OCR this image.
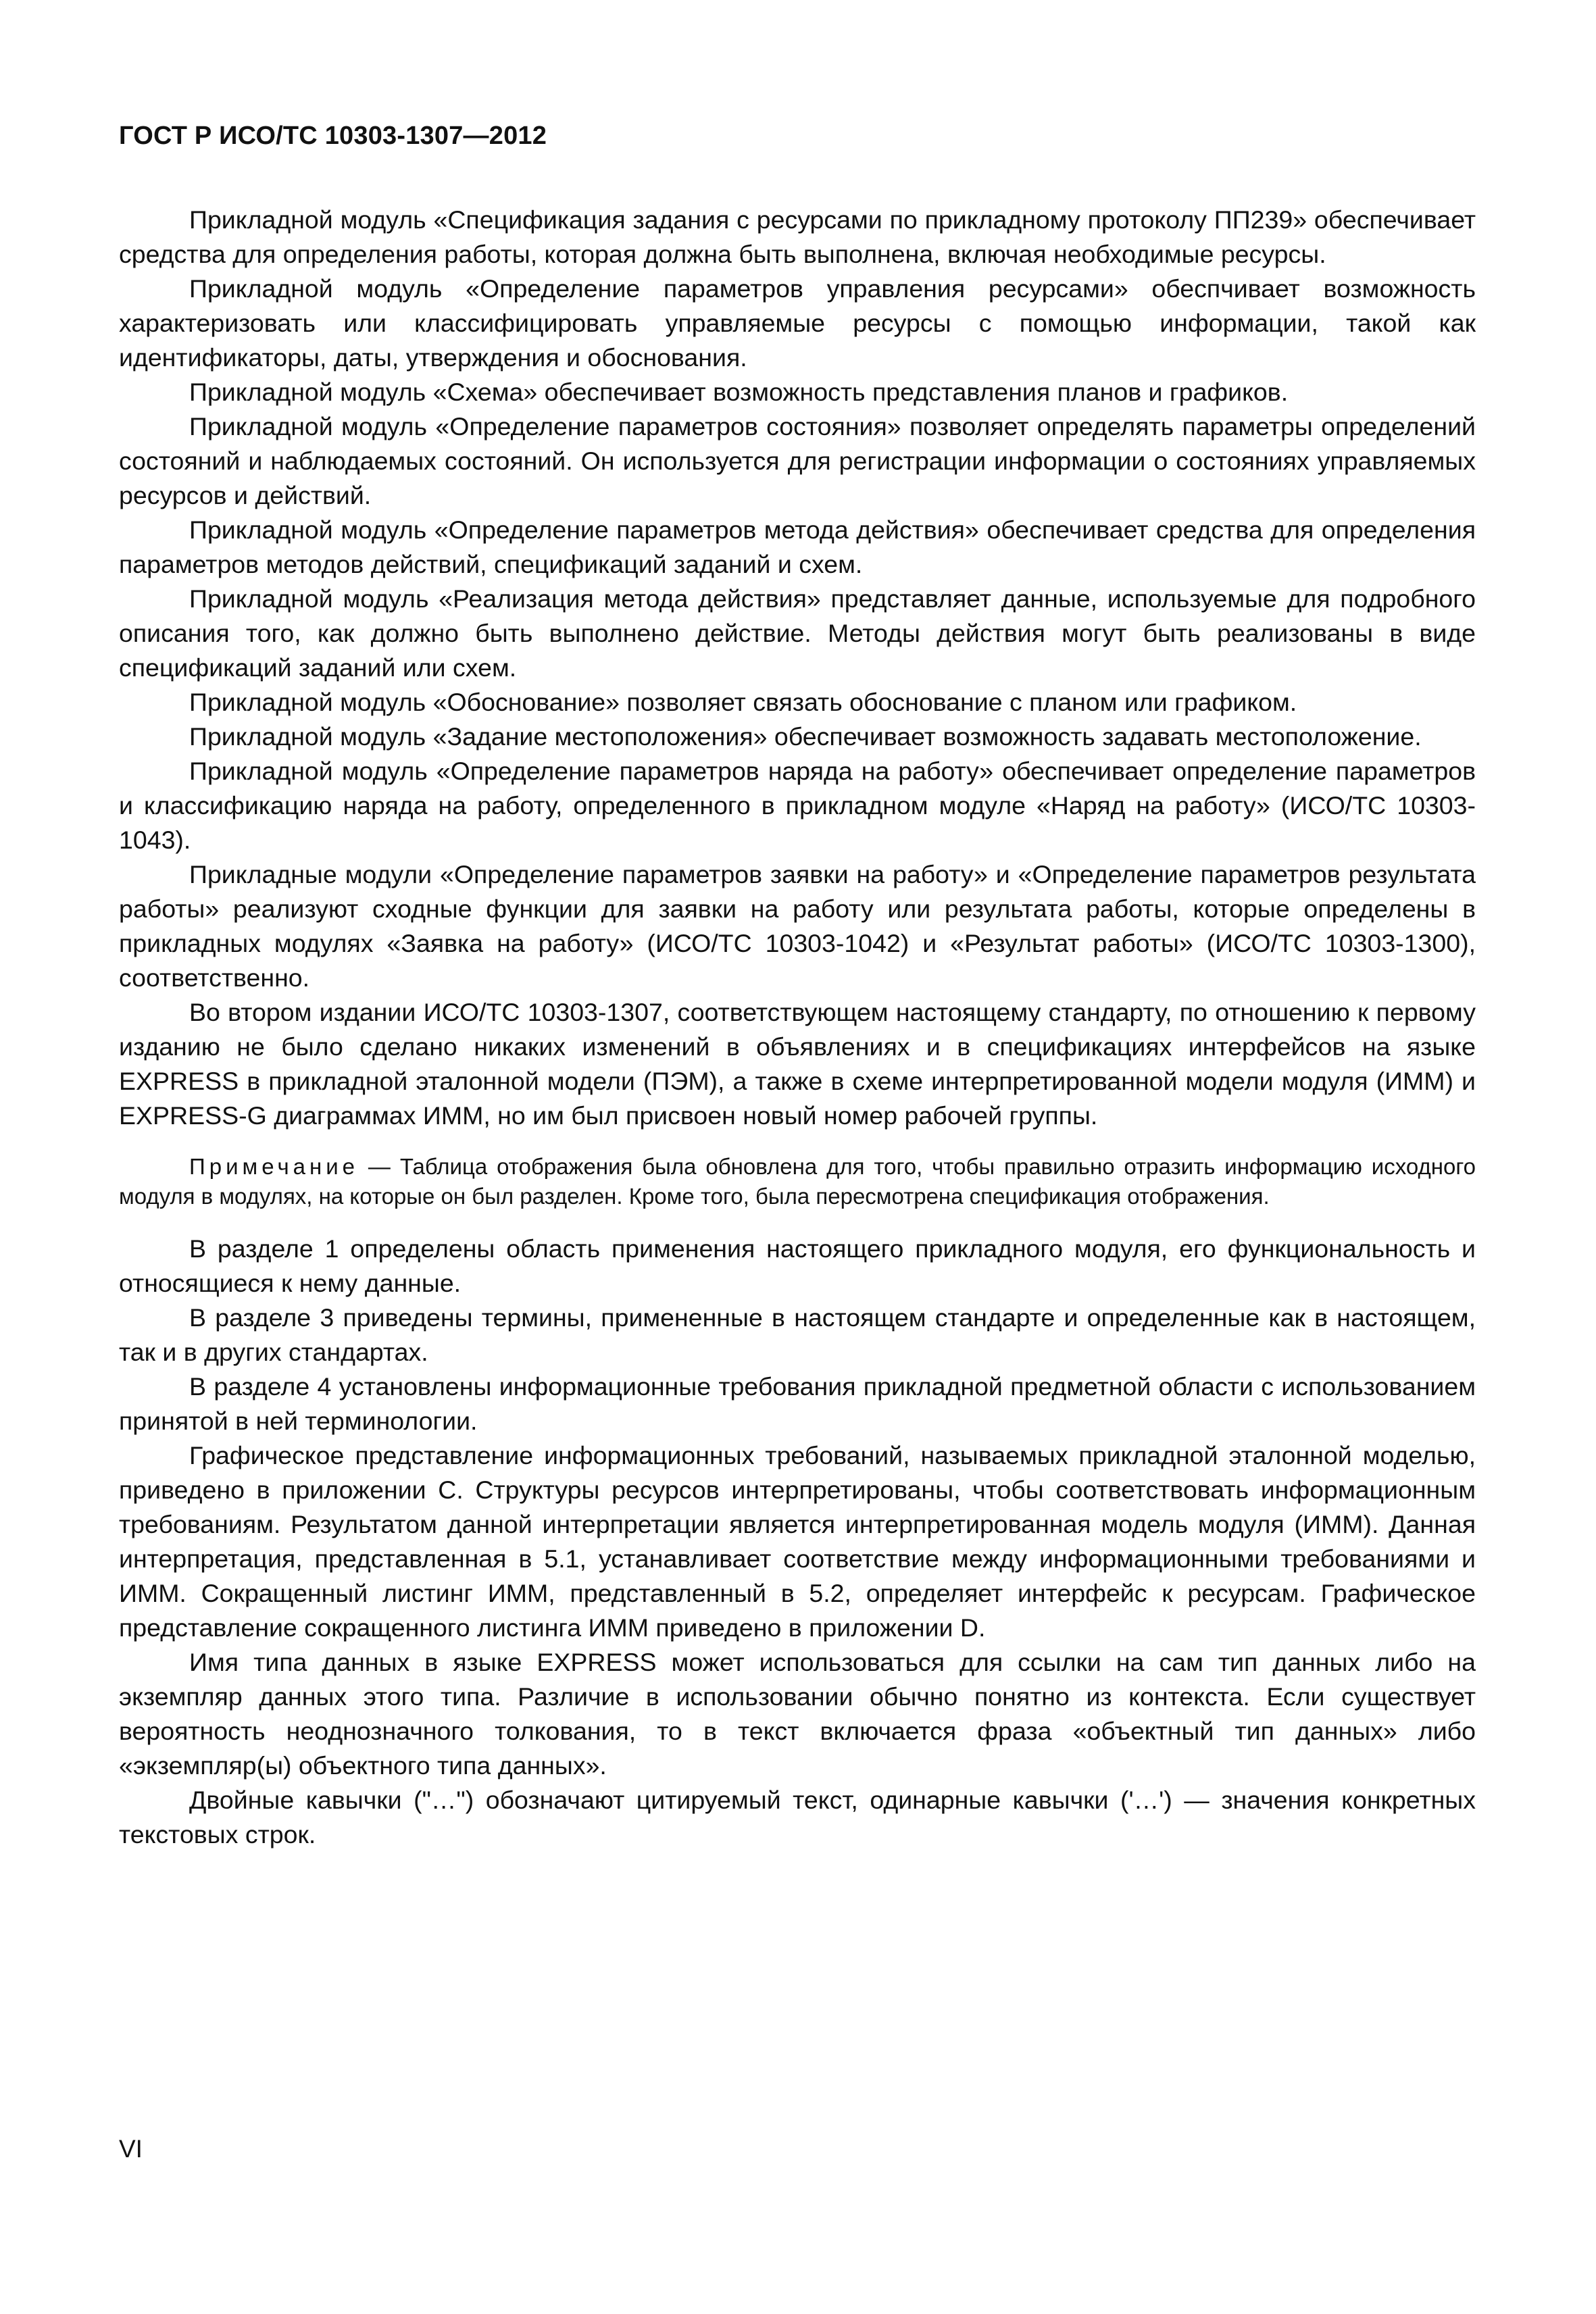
ГОСТ Р ИСО/ТС 10303-1307—2012

Прикладной модуль «Спецификация задания с ресурсами по прикладному протоколу ПП239» обеспечивает средства для определения работы, которая должна быть выполнена, включая необходимые ресурсы.

Прикладной модуль «Определение параметров управления ресурсами» обеспчивает возможность характеризовать или классифицировать управляемые ресурсы с помощью информации, такой как идентификаторы, даты, утверждения и обоснования.

Прикладной модуль «Схема» обеспечивает возможность представления планов и графиков.

Прикладной модуль «Определение параметров состояния» позволяет определять параметры определений состояний и наблюдаемых состояний. Он используется для регистрации информации о состояниях управляемых ресурсов и действий.

Прикладной модуль «Определение параметров метода действия» обеспечивает средства для определения параметров методов действий, спецификаций заданий и схем.

Прикладной модуль «Реализация метода действия» представляет данные, используемые для подробного описания того, как должно быть выполнено действие. Методы действия могут быть реализованы в виде спецификаций заданий или схем.

Прикладной модуль «Обоснование» позволяет связать обоснование с планом или графиком.

Прикладной модуль «Задание местоположения» обеспечивает возможность задавать местоположение.

Прикладной модуль «Определение параметров наряда на работу» обеспечивает определение параметров и классификацию наряда на работу, определенного в прикладном модуле «Наряд на работу» (ИСО/ТС 10303-1043).

Прикладные модули «Определение параметров заявки на работу» и «Определение параметров результата работы» реализуют сходные функции для заявки на работу или результата работы, которые определены в прикладных модулях «Заявка на работу» (ИСО/ТС 10303-1042) и «Результат работы» (ИСО/ТС 10303-1300), соответственно.

Во втором издании ИСО/ТС 10303-1307, соответствующем настоящему стандарту, по отношению к первому изданию не было сделано никаких изменений в объявлениях и в спецификациях интерфейсов на языке EXPRESS в прикладной эталонной модели (ПЭМ), а также в схеме интерпретированной модели модуля (ИММ) и EXPRESS-G диаграммах ИММ, но им был присвоен новый номер рабочей группы.

Примечание — Таблица отображения была обновлена для того, чтобы правильно отразить информацию исходного модуля в модулях, на которые он был разделен. Кроме того, была пересмотрена спецификация отображения.

В разделе 1 определены область применения настоящего прикладного модуля, его функциональность и относящиеся к нему данные.

В разделе 3 приведены термины, примененные в настоящем стандарте и определенные как в настоящем, так и в других стандартах.

В разделе 4 установлены информационные требования прикладной предметной области с использованием принятой в ней терминологии.

Графическое представление информационных требований, называемых прикладной эталонной моделью, приведено в приложении С. Структуры ресурсов интерпретированы, чтобы соответствовать информационным требованиям. Результатом данной интерпретации является интерпретированная модель модуля (ИММ). Данная интерпретация, представленная в 5.1, устанавливает соответствие между информационными требованиями и ИММ. Сокращенный листинг ИММ, представленный в 5.2, определяет интерфейс к ресурсам. Графическое представление сокращенного листинга ИММ приведено в приложении D.

Имя типа данных в языке EXPRESS может использоваться для ссылки на сам тип данных либо на экземпляр данных этого типа. Различие в использовании обычно понятно из контекста. Если существует вероятность неоднозначного толкования, то в текст включается фраза «объектный тип данных» либо «экземпляр(ы) объектного типа данных».

Двойные кавычки ("…") обозначают цитируемый текст, одинарные кавычки ('…') — значения конкретных текстовых строк.

VI
